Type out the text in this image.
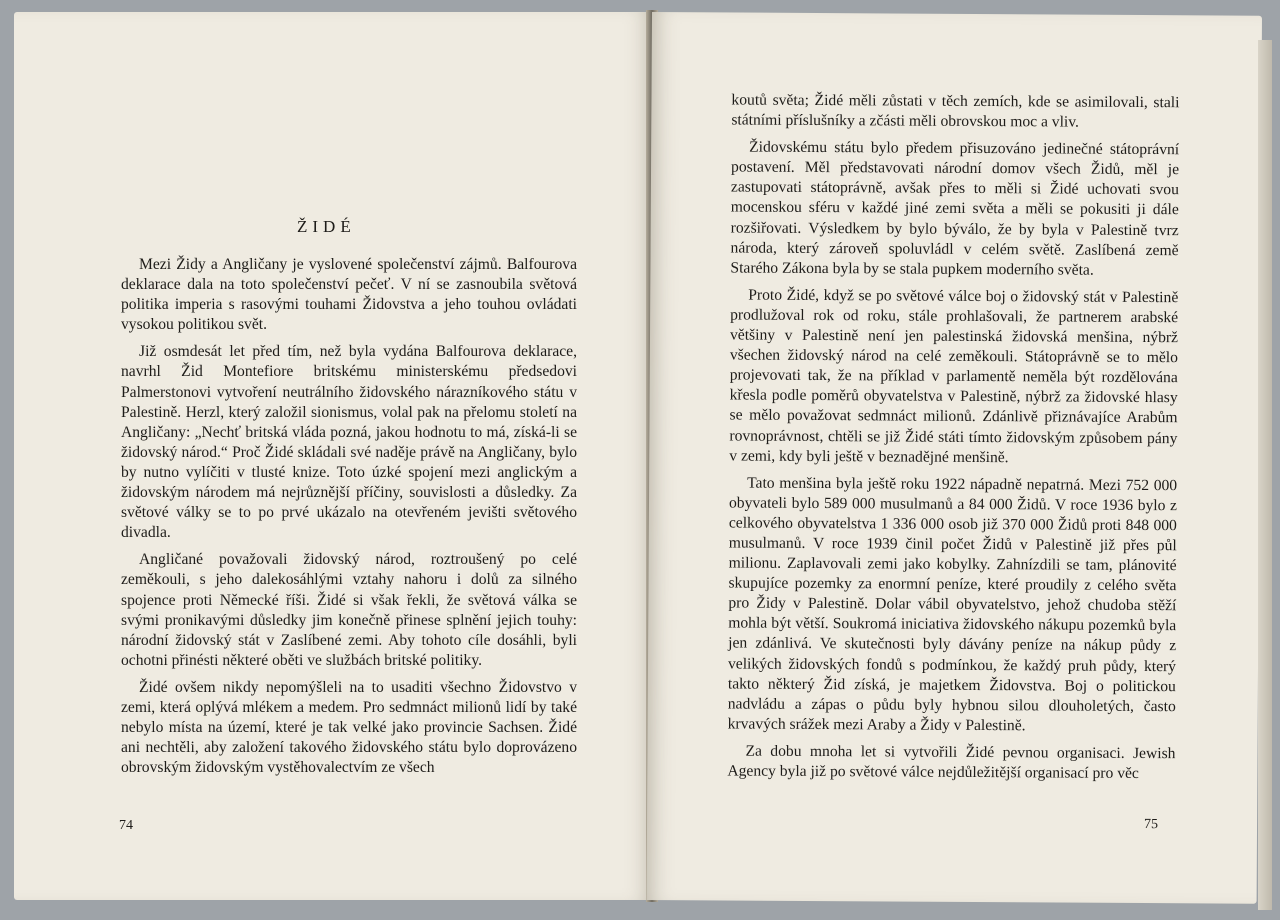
ŽIDÉ

Mezi Židy a Angličany je vyslovené společenství zájmů. Balfourova deklarace dala na toto společenství pečeť. V ní se zasnoubila světová politika imperia s rasovými touhami Židovstva a jeho touhou ovládati vysokou politikou svět.

Již osmdesát let před tím, než byla vydána Balfourova deklarace, navrhl Žid Montefiore britskému ministerskému předsedovi Palmerstonovi vytvoření neutrálního židovského nárazníkového státu v Palestině. Herzl, který založil sionismus, volal pak na přelomu století na Angličany: „Nechť britská vláda pozná, jakou hodnotu to má, získá-li se židovský národ.“ Proč Židé skládali své naděje právě na Angličany, bylo by nutno vylíčiti v tlusté knize. Toto úzké spojení mezi anglickým a židovským národem má nejrůznější příčiny, souvislosti a důsledky. Za světové války se to po prvé ukázalo na otevřeném jevišti světového divadla.

Angličané považovali židovský národ, roztroušený po celé zeměkouli, s jeho dalekosáhlými vztahy nahoru i dolů za silného spojence proti Německé říši. Židé si však řekli, že světová válka se svými pronikavými důsledky jim konečně přinese splnění jejich touhy: národní židovský stát v Zaslíbené zemi. Aby tohoto cíle dosáhli, byli ochotni přinésti některé oběti ve službách britské politiky.

Židé ovšem nikdy nepomýšleli na to usaditi všechno Židovstvo v zemi, která oplývá mlékem a medem. Pro sedmnáct milionů lidí by také nebylo místa na území, které je tak velké jako provincie Sachsen. Židé ani nechtěli, aby založení takového židovského státu bylo doprovázeno obrovským židovským vystěhovalectvím ze všech

74

koutů světa; Židé měli zůstati v těch zemích, kde se asimilovali, stali státními příslušníky a zčásti měli obrovskou moc a vliv.

Židovskému státu bylo předem přisuzováno jedinečné státoprávní postavení. Měl představovati národní domov všech Židů, měl je zastupovati státoprávně, avšak přes to měli si Židé uchovati svou mocenskou sféru v každé jiné zemi světa a měli se pokusiti ji dále rozšiřovati. Výsledkem by bylo býválo, že by byla v Palestině tvrz národa, který zároveň spoluvládl v celém světě. Zaslíbená země Starého Zákona byla by se stala pupkem moderního světa.

Proto Židé, když se po světové válce boj o židovský stát v Palestině prodlužoval rok od roku, stále prohlašovali, že partnerem arabské většiny v Palestině není jen palestinská židovská menšina, nýbrž všechen židovský národ na celé zeměkouli. Státoprávně se to mělo projevovati tak, že na příklad v parlamentě neměla být rozdělována křesla podle poměrů obyvatelstva v Palestině, nýbrž za židovské hlasy se mělo považovat sedmnáct milionů. Zdánlivě přiznávajíce Arabům rovnoprávnost, chtěli se již Židé státi tímto židovským způsobem pány v zemi, kdy byli ještě v beznadějné menšině.

Tato menšina byla ještě roku 1922 nápadně nepatrná. Mezi 752 000 obyvateli bylo 589 000 musulmanů a 84 000 Židů. V roce 1936 bylo z celkového obyvatelstva 1 336 000 osob již 370 000 Židů proti 848 000 musulmanů. V roce 1939 činil počet Židů v Palestině již přes půl milionu. Zaplavovali zemi jako kobylky. Zahnízdili se tam, plánovité skupujíce pozemky za enormní peníze, které proudily z celého světa pro Židy v Palestině. Dolar vábil obyvatelstvo, jehož chudoba stěží mohla být větší. Soukromá iniciativa židovského nákupu pozemků byla jen zdánlivá. Ve skutečnosti byly dávány peníze na nákup půdy z velikých židovských fondů s podmínkou, že každý pruh půdy, který takto některý Žid získá, je majetkem Židovstva. Boj o politickou nadvládu a zápas o půdu byly hybnou silou dlouholetých, často krvavých srážek mezi Araby a Židy v Palestině.

Za dobu mnoha let si vytvořili Židé pevnou organisaci. Jewish Agency byla již po světové válce nejdůležitější organisací pro věc

75
